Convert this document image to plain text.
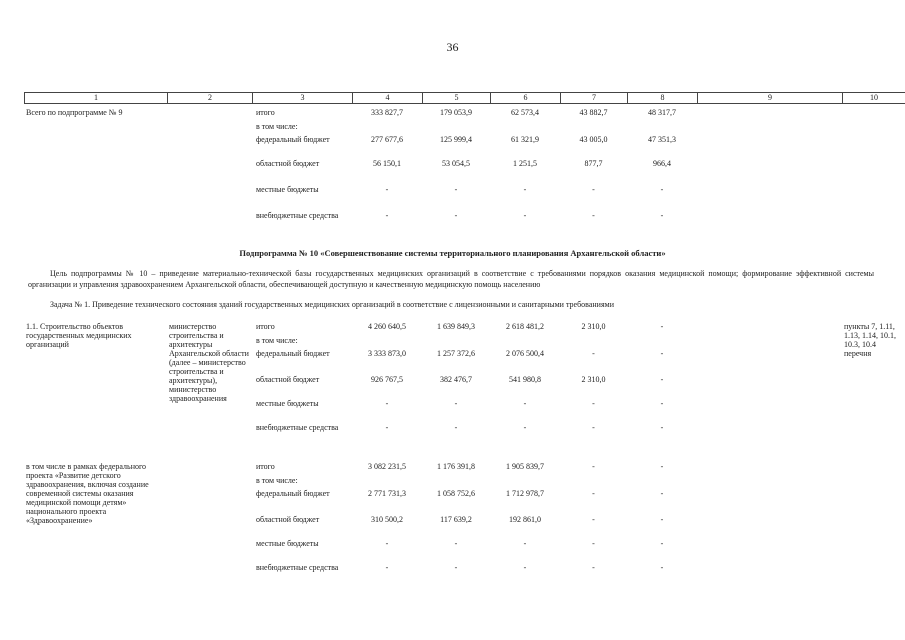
36
1	2	3	4	5	6	7	8	9	10
Всего по подпрограмме № 9		итого	333 827,7	179 053,9	62 573,4	43 882,7	48 317,7		
		в том числе:							
		федеральный бюджет	277 677,6	125 999,4	61 321,9	43 005,0	47 351,3		
		областной бюджет	56 150,1	53 054,5	1 251,5	877,7	966,4		
		местные бюджеты	-	-	-	-	-		
		внебюджетные средства	-	-	-	-	-		
Подпрограмма № 10 «Совершенствование системы территориального планирования Архангельской области»
Цель подпрограммы № 10 – приведение материально-технической базы государственных медицинских организаций в соответствие с требованиями порядков оказания медицинской помощи; формирование эффективной системы организации и управления здравоохранением Архангельской области, обеспечивающей доступную и качественную медицинскую помощь населению
Задача № 1. Приведение технического состояния зданий государственных медицинских организаций в соответствие с лицензионными и санитарными требованиями
1.1. Строительство объектов государственных медицинских организаций	министерство строительства и архитектуры Архангельской области (далее – министерство строительства и архитектуры), министерство здравоохранения	итого	4 260 640,5	1 639 849,3	2 618 481,2	2 310,0	-		пункты 7, 1.11, 1.13, 1.14, 10.1, 10.3, 10.4 перечня
		в том числе:							
		федеральный бюджет	3 333 873,0	1 257 372,6	2 076 500,4	-	-		
		областной бюджет	926 767,5	382 476,7	541 980,8	2 310,0	-		
		местные бюджеты	-	-	-	-	-		
		внебюджетные средства	-	-	-	-	-		
в том числе в рамках федерального проекта «Развитие детского здравоохранения, включая создание современной системы оказания медицинской помощи детям» национального проекта «Здравоохранение»		итого	3 082 231,5	1 176 391,8	1 905 839,7	-	-		
		в том числе:							
		федеральный бюджет	2 771 731,3	1 058 752,6	1 712 978,7	-	-		
		областной бюджет	310 500,2	117 639,2	192 861,0	-	-		
		местные бюджеты	-	-	-	-	-		
		внебюджетные средства	-	-	-	-	-		
